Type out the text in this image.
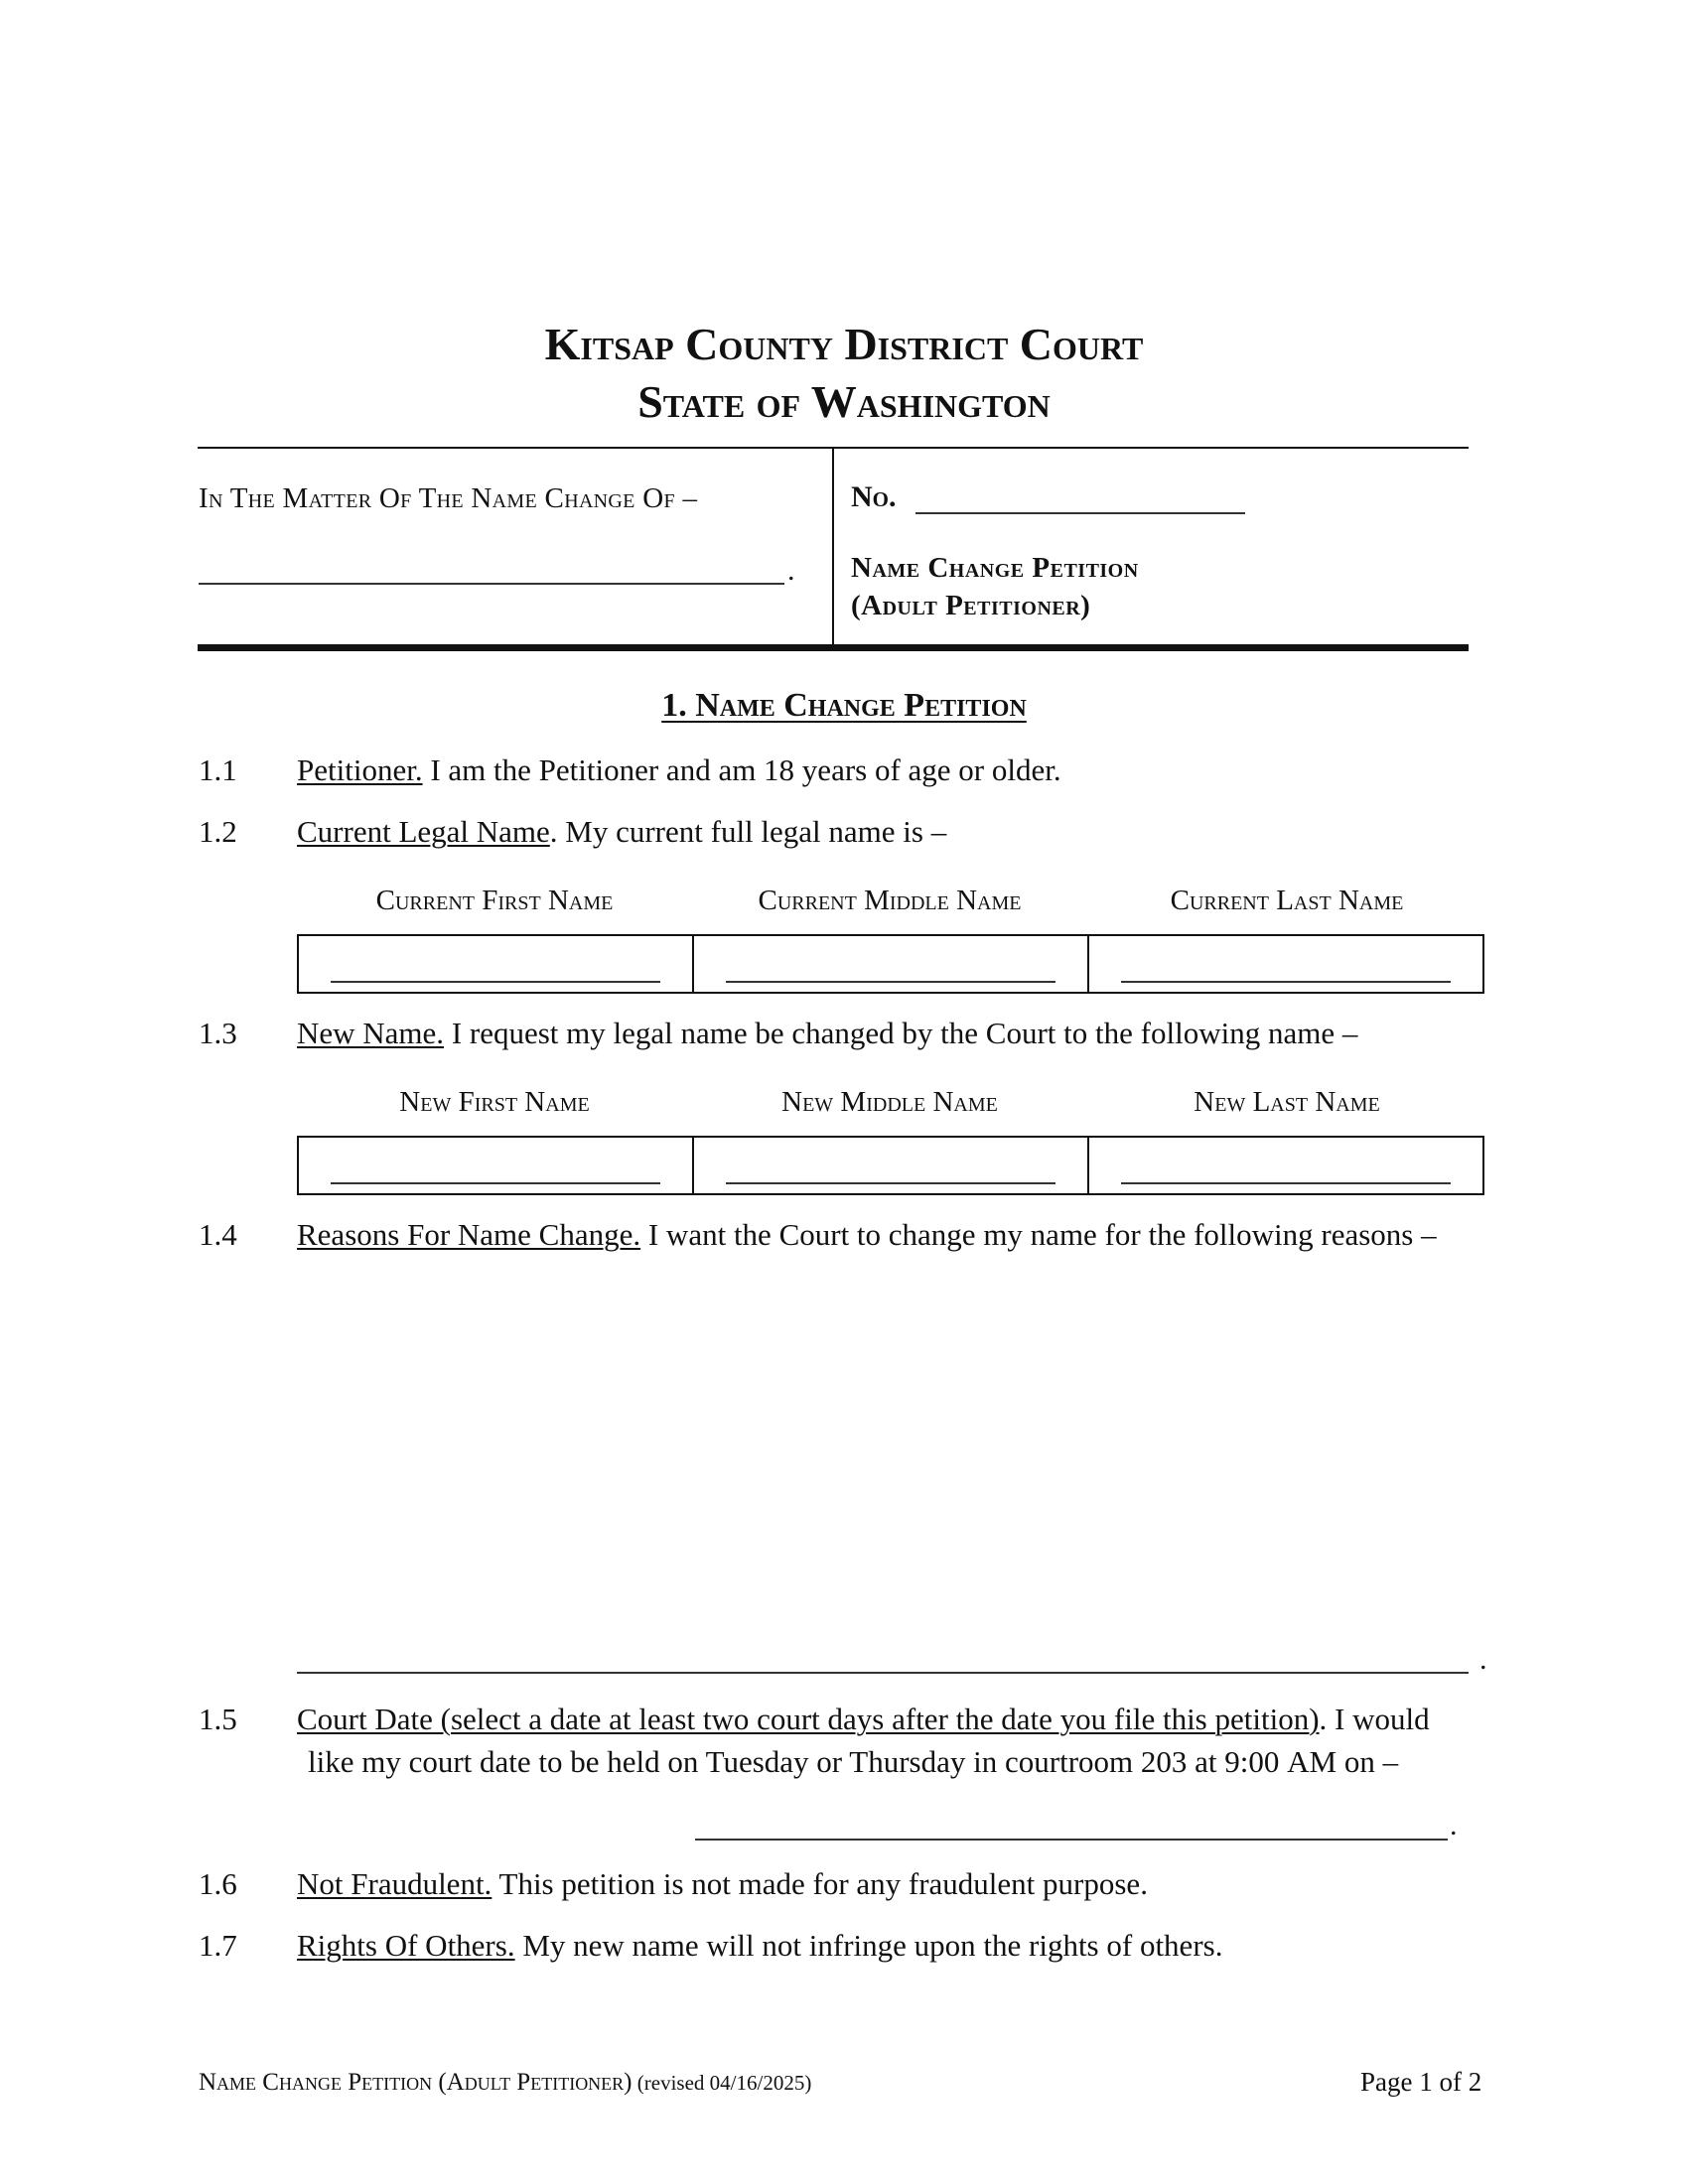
Kitsap County District Court
State of Washington
In The Matter Of The Name Change Of –
.
No.
Name Change Petition
(Adult Petitioner)
1. Name Change Petition
1.1 Petitioner. I am the Petitioner and am 18 years of age or older.
1.2 Current Legal Name. My current full legal name is –
Current First Name	Current Middle Name	Current Last Name
1.3 New Name. I request my legal name be changed by the Court to the following name –
New First Name	New Middle Name	New Last Name
1.4 Reasons For Name Change. I want the Court to change my name for the following reasons –
.
1.5 Court Date (select a date at least two court days after the date you file this petition). I would
like my court date to be held on Tuesday or Thursday in courtroom 203 at 9:00 AM on –
.
1.6 Not Fraudulent. This petition is not made for any fraudulent purpose.
1.7 Rights Of Others. My new name will not infringe upon the rights of others.
Name Change Petition (Adult Petitioner) (revised 04/16/2025)	Page 1 of 2
